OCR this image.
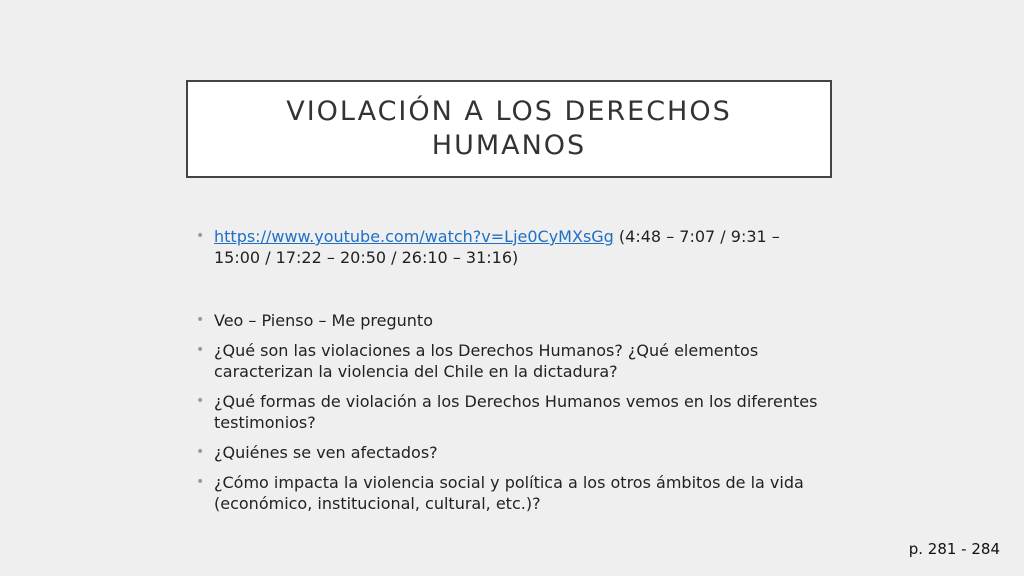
VIOLACIÓN A LOS DERECHOS
HUMANOS
• https://www.youtube.com/watch?v=Lje0CyMXsGg (4:48 – 7:07 / 9:31 – 15:00 / 17:22 – 20:50 / 26:10 – 31:16)
• Veo – Pienso – Me pregunto
• ¿Qué son las violaciones a los Derechos Humanos? ¿Qué elementos caracterizan la violencia del Chile en la dictadura?
• ¿Qué formas de violación a los Derechos Humanos vemos en los diferentes testimonios?
• ¿Quiénes se ven afectados?
• ¿Cómo impacta la violencia social y política a los otros ámbitos de la vida (económico, institucional, cultural, etc.)?
p. 281 - 284
